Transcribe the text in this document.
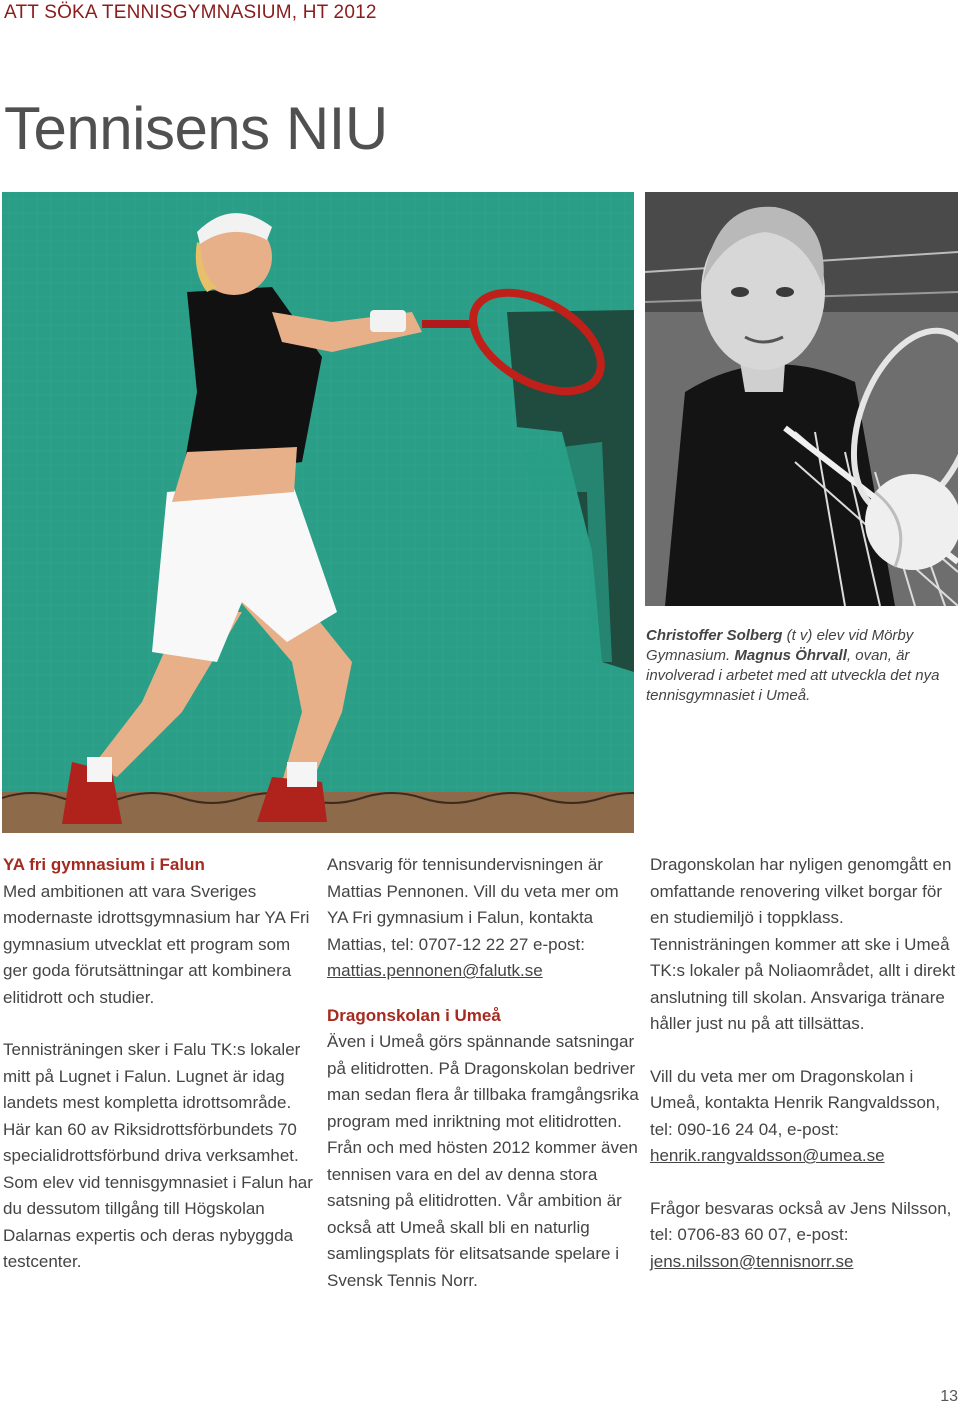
ATT SÖKA TENNISGYMNASIUM, HT 2012
Tennisens NIU
Christoffer Solberg (t v) elev vid Mörby Gymnasium. Magnus Öhrvall, ovan, är involverad i arbetet med att utveckla det nya tennisgymnasiet i Umeå.

YA fri gymnasium i Falun

Med ambitionen att vara Sveriges modernaste idrottsgymnasium har YA Fri gymnasium utvecklat ett program som ger goda förutsättningar att kombinera elitidrott och studier.

Tennisträningen sker i Falu TK:s lokaler mitt på Lugnet i Falun. Lugnet är idag landets mest kompletta idrottsområde. Här kan 60 av Riksidrottsförbundets 70 specialidrottsförbund driva verksamhet. Som elev vid tennisgymnasiet i Falun har du dessutom tillgång till Högskolan Dalarnas expertis och deras nybyggda testcenter.

Ansvarig för tennisundervisningen är Mattias Pennonen. Vill du veta mer om YA Fri gymnasium i Falun, kontakta Mattias, tel: 0707-12 22 27 e-post: mattias.pennonen@falutk.se

Dragonskolan i Umeå

Även i Umeå görs spännande satsningar på elitidrotten. På Dragonskolan bedriver man sedan flera år tillbaka framgångsrika program med inriktning mot elitidrotten. Från och med hösten 2012 kommer även tennisen vara en del av denna stora satsning på elitidrotten. Vår ambition är också att Umeå skall bli en naturlig samlingsplats för elitsatsande spelare i Svensk Tennis Norr.

Dragonskolan har nyligen genomgått en omfattande renovering vilket borgar för en studiemiljö i toppklass. Tennisträningen kommer att ske i Umeå TK:s lokaler på Noliaområdet, allt i direkt anslutning till skolan. Ansvariga tränare håller just nu på att tillsättas.

Vill du veta mer om Dragonskolan i Umeå, kontakta Henrik Rangvaldsson,

tel: 090-16 24 04, e-post:

henrik.rangvaldsson@umea.se

Frågor besvaras också av Jens Nilsson, tel: 0706-83 60 07, e-post:

jens.nilsson@tennisnorr.se

13
